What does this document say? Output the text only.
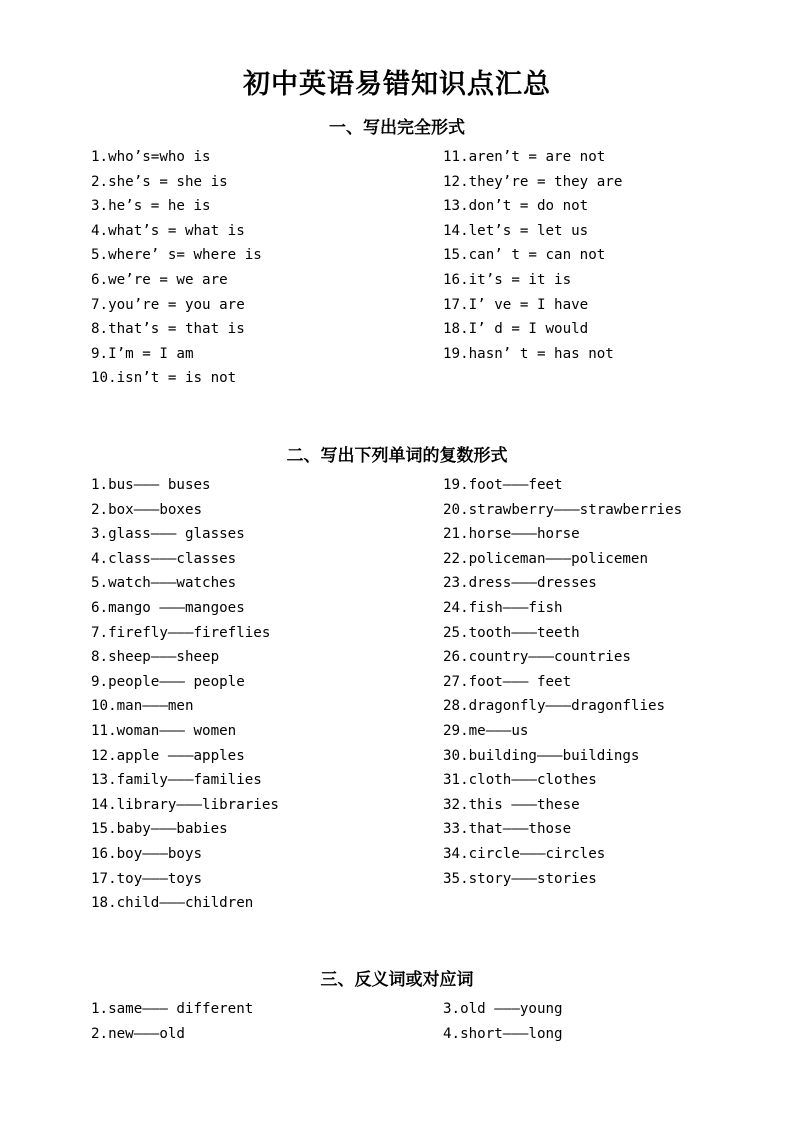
初中英语易错知识点汇总
一、写出完全形式
1.who’s=who is
2.she’s = she is
3.he’s = he is
4.what’s = what is
5.where’ s= where is
6.we’re = we are
7.you’re = you are
8.that’s = that is
9.I’m = I am
10.isn’t = is not
11.aren’t = are not
12.they’re = they are
13.don’t = do not
14.let’s = let us
15.can’ t = can not
16.it’s = it is
17.I’ ve = I have
18.I’ d = I would
19.hasn’ t = has not
二、写出下列单词的复数形式
1.bus——— buses
2.box———boxes
3.glass——— glasses
4.class———classes
5.watch———watches
6.mango ———mangoes
7.firefly———fireflies
8.sheep———sheep
9.people——— people
10.man———men
11.woman——— women
12.apple ———apples
13.family———families
14.library———libraries
15.baby———babies
16.boy———boys
17.toy———toys
18.child———children
19.foot———feet
20.strawberry———strawberries
21.horse———horse
22.policeman———policemen
23.dress———dresses
24.fish———fish
25.tooth———teeth
26.country———countries
27.foot——— feet
28.dragonfly———dragonflies
29.me———us
30.building———buildings
31.cloth———clothes
32.this ———these
33.that———those
34.circle———circles
35.story———stories
三、反义词或对应词
1.same——— different
2.new———old
3.old ———young
4.short———long
